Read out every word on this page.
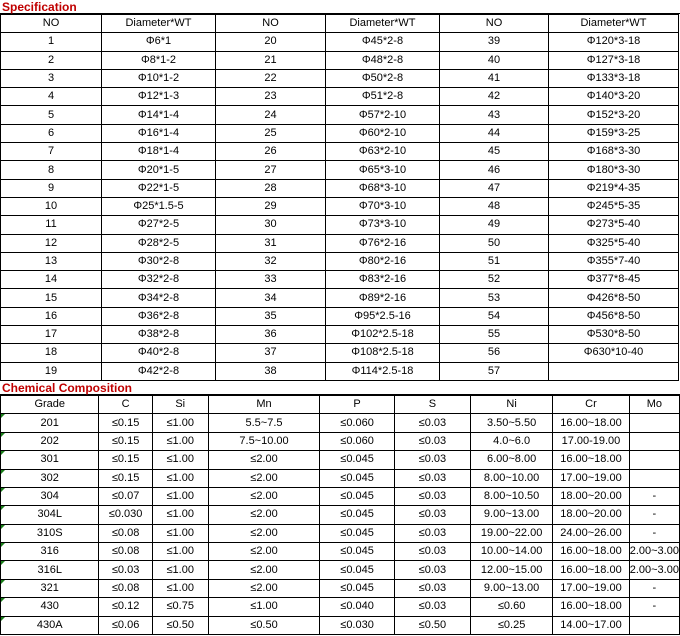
Specification
NO	Diameter*WT	NO	Diameter*WT	NO	Diameter*WT
1	Φ6*1	20	Φ45*2-8	39	Φ120*3-18
2	Φ8*1-2	21	Φ48*2-8	40	Φ127*3-18
3	Φ10*1-2	22	Φ50*2-8	41	Φ133*3-18
4	Φ12*1-3	23	Φ51*2-8	42	Φ140*3-20
5	Φ14*1-4	24	Φ57*2-10	43	Φ152*3-20
6	Φ16*1-4	25	Φ60*2-10	44	Φ159*3-25
7	Φ18*1-4	26	Φ63*2-10	45	Φ168*3-30
8	Φ20*1-5	27	Φ65*3-10	46	Φ180*3-30
9	Φ22*1-5	28	Φ68*3-10	47	Φ219*4-35
10	Φ25*1.5-5	29	Φ70*3-10	48	Φ245*5-35
11	Φ27*2-5	30	Φ73*3-10	49	Φ273*5-40
12	Φ28*2-5	31	Φ76*2-16	50	Φ325*5-40
13	Φ30*2-8	32	Φ80*2-16	51	Φ355*7-40
14	Φ32*2-8	33	Φ83*2-16	52	Φ377*8-45
15	Φ34*2-8	34	Φ89*2-16	53	Φ426*8-50
16	Φ36*2-8	35	Φ95*2.5-16	54	Φ456*8-50
17	Φ38*2-8	36	Φ102*2.5-18	55	Φ530*8-50
18	Φ40*2-8	37	Φ108*2.5-18	56	Φ630*10-40
19	Φ42*2-8	38	Φ114*2.5-18	57	
Chemical Composition
Grade	C	Si	Mn	P	S	Ni	Cr	Mo

201	≤0.15	≤1.00	5.5~7.5	≤0.060	≤0.03	3.50~5.50	16.00~18.00	

202	≤0.15	≤1.00	7.5~10.00	≤0.060	≤0.03	4.0~6.0	17.00-19.00	

301	≤0.15	≤1.00	≤2.00	≤0.045	≤0.03	6.00~8.00	16.00~18.00	

302	≤0.15	≤1.00	≤2.00	≤0.045	≤0.03	8.00~10.00	17.00~19.00	

304	≤0.07	≤1.00	≤2.00	≤0.045	≤0.03	8.00~10.50	18.00~20.00	-

304L	≤0.030	≤1.00	≤2.00	≤0.045	≤0.03	9.00~13.00	18.00~20.00	-

310S	≤0.08	≤1.00	≤2.00	≤0.045	≤0.03	19.00~22.00	24.00~26.00	-

316	≤0.08	≤1.00	≤2.00	≤0.045	≤0.03	10.00~14.00	16.00~18.00	2.00~3.00

316L	≤0.03	≤1.00	≤2.00	≤0.045	≤0.03	12.00~15.00	16.00~18.00	2.00~3.00

321	≤0.08	≤1.00	≤2.00	≤0.045	≤0.03	9.00~13.00	17.00~19.00	-

430	≤0.12	≤0.75	≤1.00	≤0.040	≤0.03	≤0.60	16.00~18.00	-

430A	≤0.06	≤0.50	≤0.50	≤0.030	≤0.50	≤0.25	14.00~17.00	
